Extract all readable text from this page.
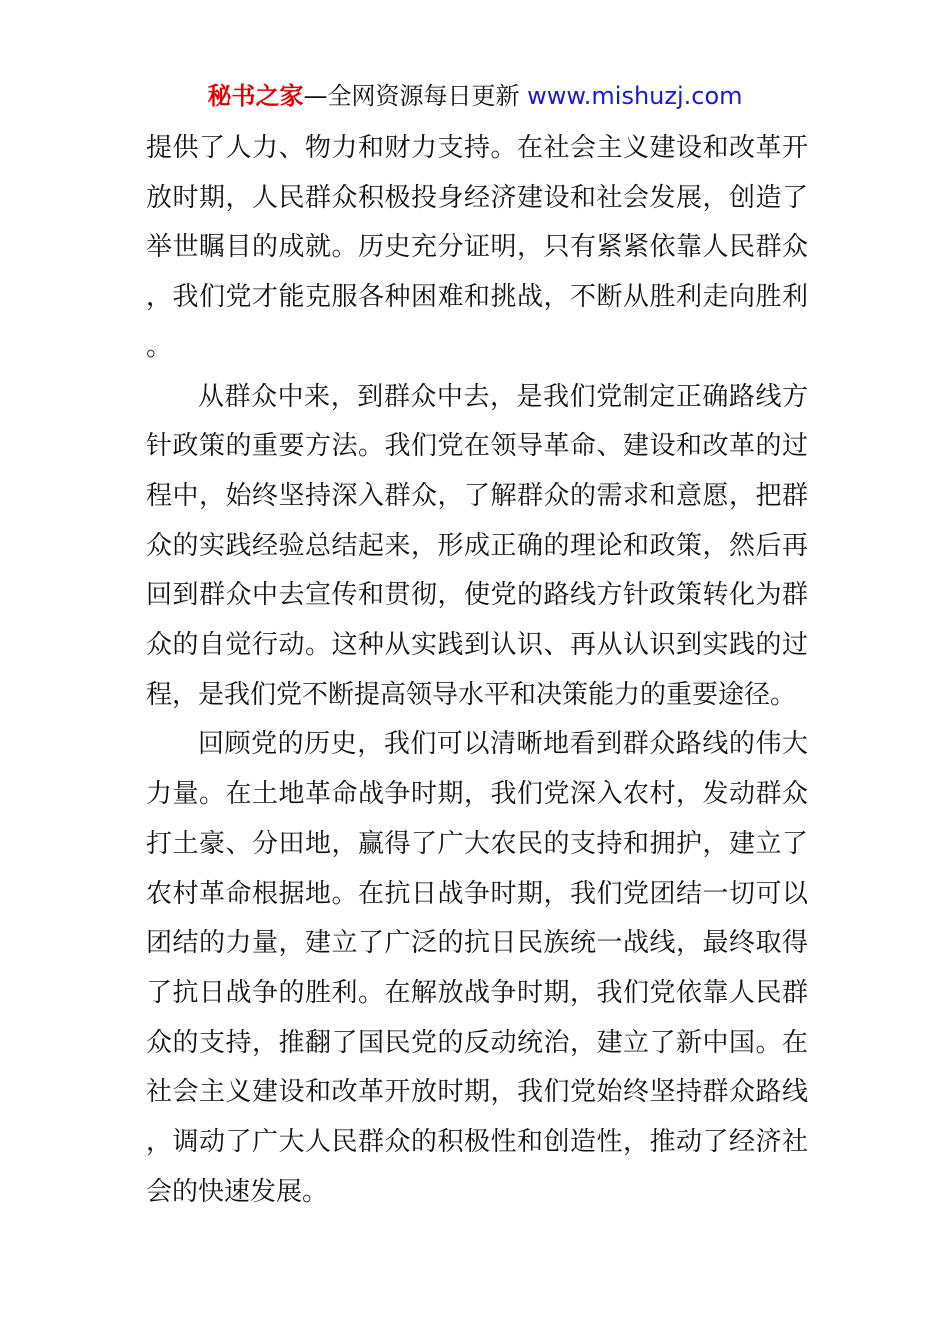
秘书之家—全网资源每日更新 www.mishuzj.com

提供了人力、物力和财力支持。在社会主义建设和改革开放时期，人民群众积极投身经济建设和社会发展，创造了举世瞩目的成就。历史充分证明，只有紧紧依靠人民群众，我们党才能克服各种困难和挑战，不断从胜利走向胜利。

从群众中来，到群众中去，是我们党制定正确路线方针政策的重要方法。我们党在领导革命、建设和改革的过程中，始终坚持深入群众，了解群众的需求和意愿，把群众的实践经验总结起来，形成正确的理论和政策，然后再回到群众中去宣传和贯彻，使党的路线方针政策转化为群众的自觉行动。这种从实践到认识、再从认识到实践的过程，是我们党不断提高领导水平和决策能力的重要途径。

回顾党的历史，我们可以清晰地看到群众路线的伟大力量。在土地革命战争时期，我们党深入农村，发动群众打土豪、分田地，赢得了广大农民的支持和拥护，建立了农村革命根据地。在抗日战争时期，我们党团结一切可以团结的力量，建立了广泛的抗日民族统一战线，最终取得了抗日战争的胜利。在解放战争时期，我们党依靠人民群众的支持，推翻了国民党的反动统治，建立了新中国。在社会主义建设和改革开放时期，我们党始终坚持群众路线，调动了广大人民群众的积极性和创造性，推动了经济社会的快速发展。
